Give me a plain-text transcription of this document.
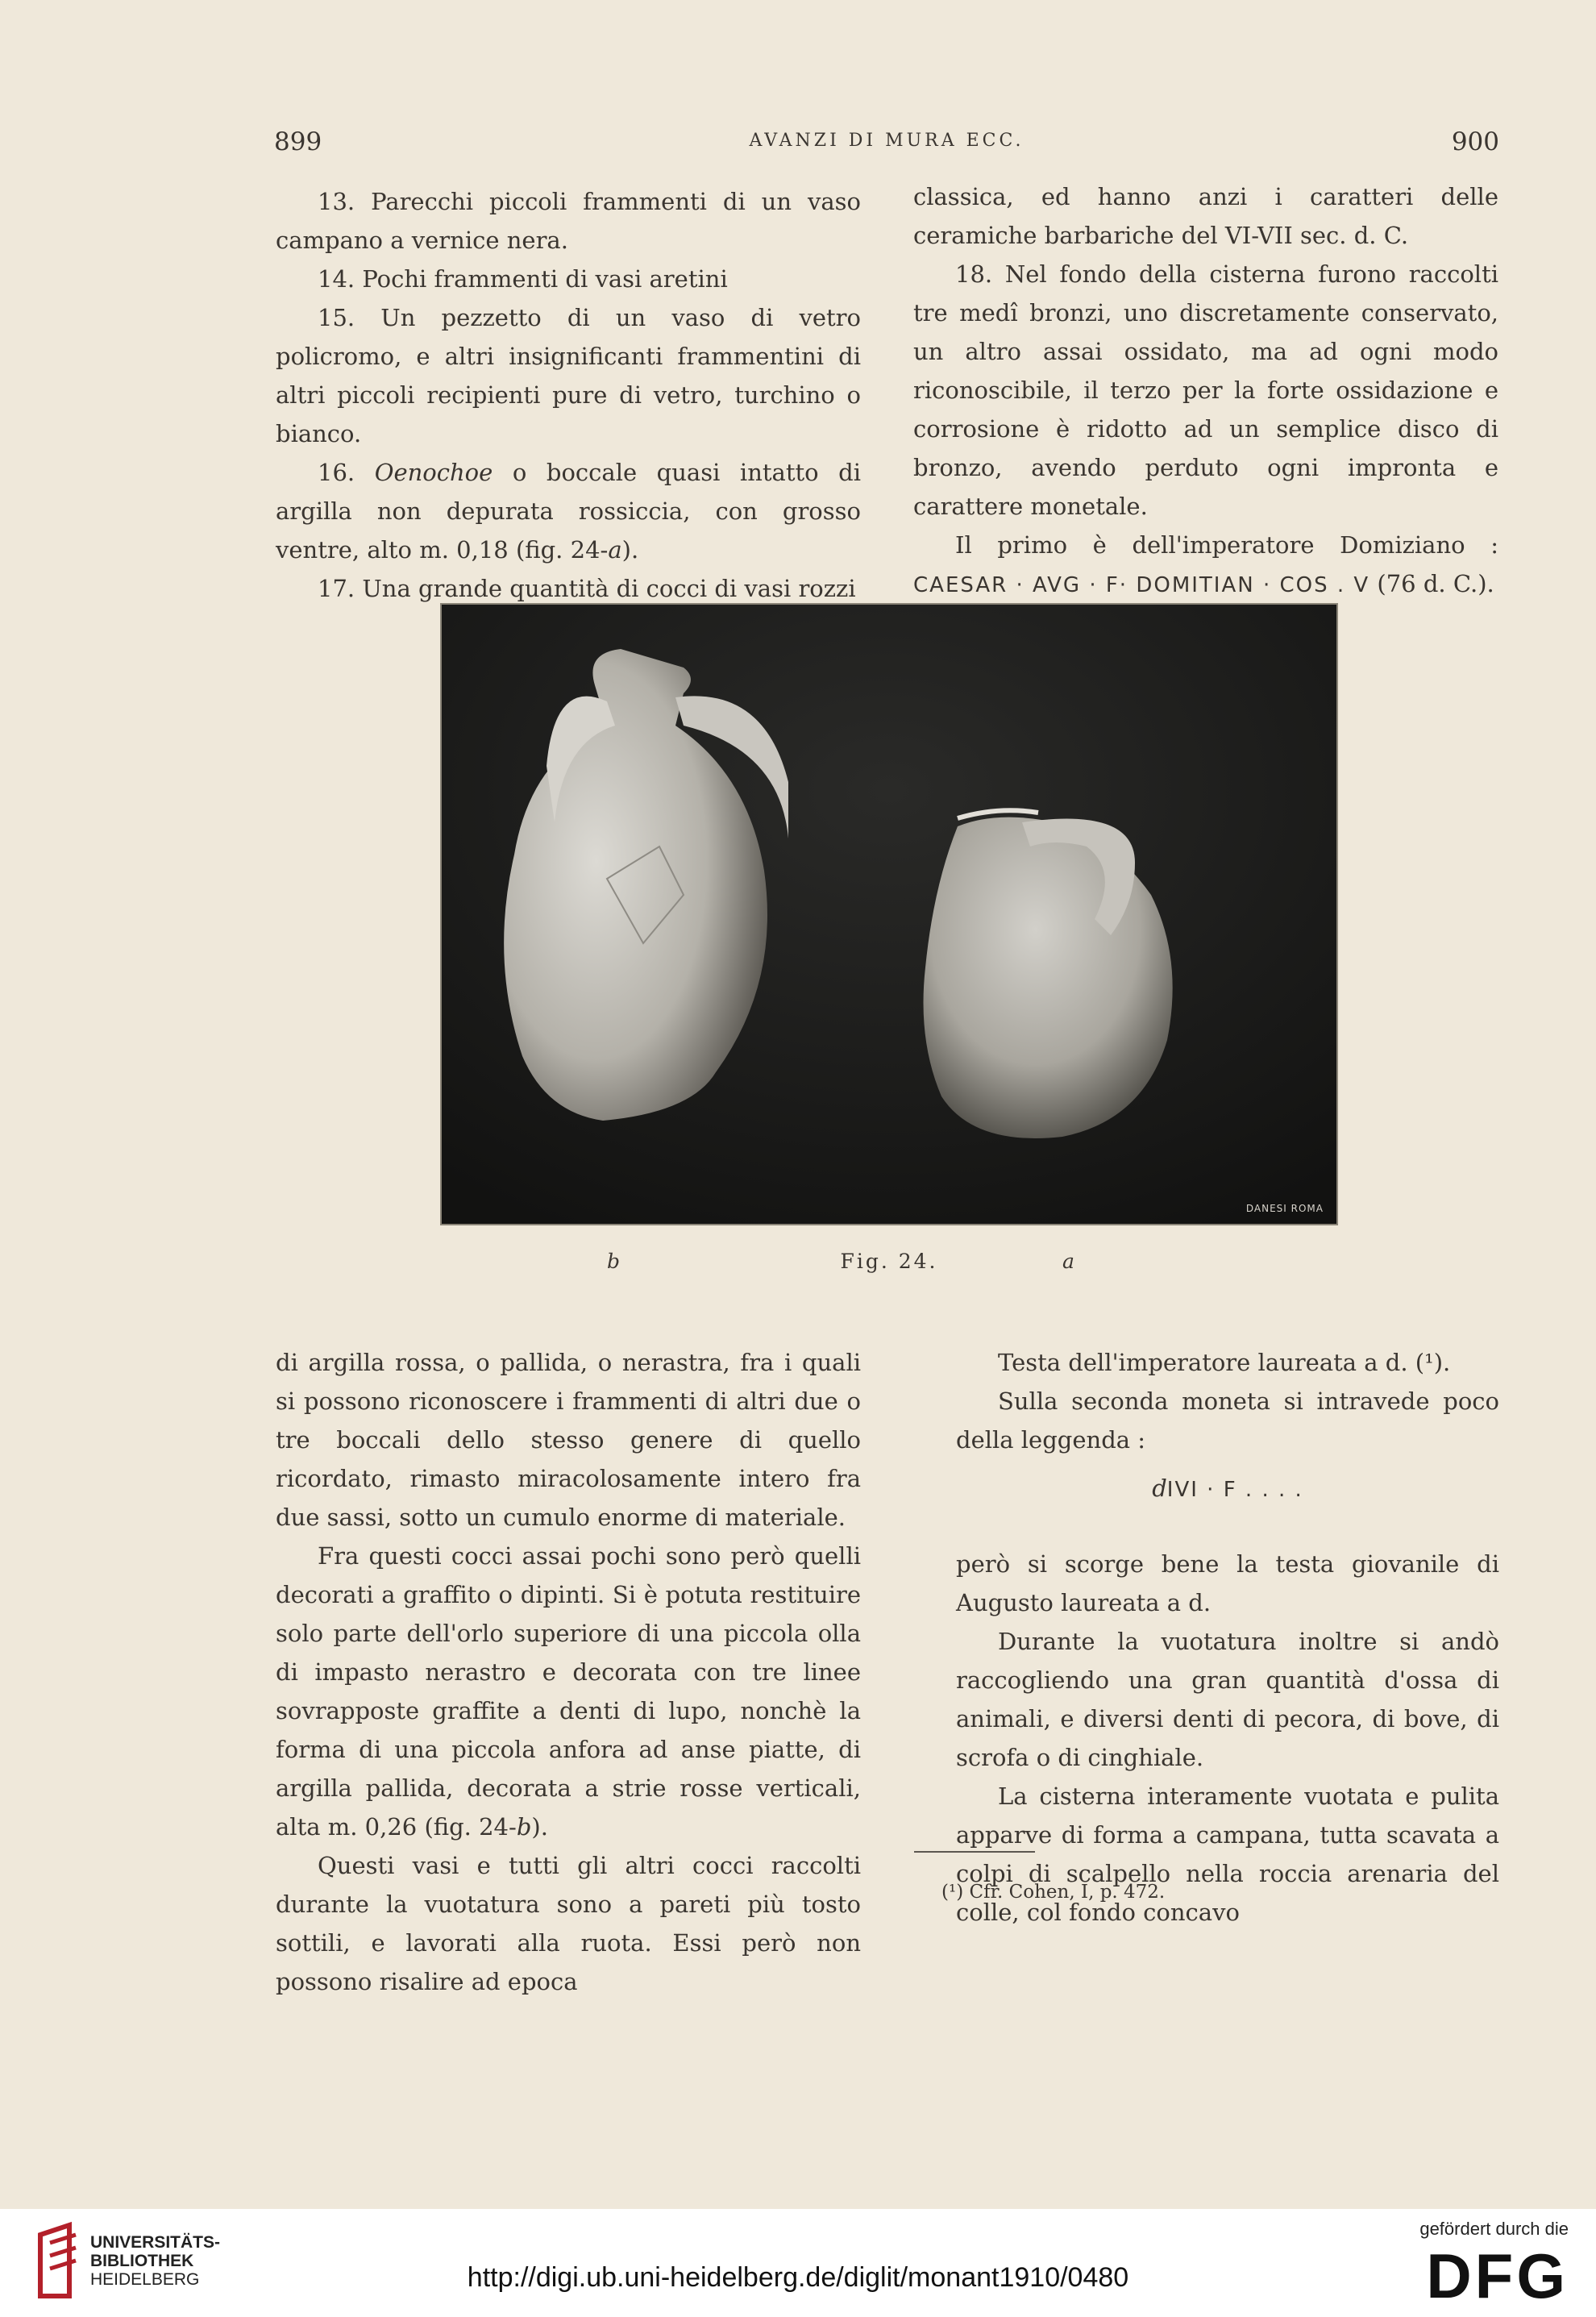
899	AVANZI DI MURA ECC.	900

13. Parecchi piccoli frammenti di un vaso campano a vernice nera.

14. Pochi frammenti di vasi aretini

15. Un pezzetto di un vaso di vetro policromo, e altri insignificanti frammentini di altri piccoli recipienti pure di vetro, turchino o bianco.

16. Oenochoe o boccale quasi intatto di argilla non depurata rossiccia, con grosso ventre, alto m. 0,18 (fig. 24-a).

17. Una grande quantità di cocci di vasi rozzi

classica, ed hanno anzi i caratteri delle ceramiche barbariche del VI-VII sec. d. C.

18. Nel fondo della cisterna furono raccolti tre medî bronzi, uno discretamente conservato, un altro assai ossidato, ma ad ogni modo riconoscibile, il terzo per la forte ossidazione e corrosione è ridotto ad un semplice disco di bronzo, avendo perduto ogni impronta e carattere monetale.

Il primo è dell'imperatore Domiziano : CAESAR · AVG · F· DOMITIAN · COS . V (76 d. C.).

DANESI ROMA
b	Fig. 24.	a

di argilla rossa, o pallida, o nerastra, fra i quali si possono riconoscere i frammenti di altri due o tre boccali dello stesso genere di quello ricordato, rimasto miracolosamente intero fra due sassi, sotto un cumulo enorme di materiale.

Fra questi cocci assai pochi sono però quelli decorati a graffito o dipinti. Si è potuta restituire solo parte dell'orlo superiore di una piccola olla di impasto nerastro e decorata con tre linee sovrapposte graffite a denti di lupo, nonchè la forma di una piccola anfora ad anse piatte, di argilla pallida, decorata a strie rosse verticali, alta m. 0,26 (fig. 24-b).

Questi vasi e tutti gli altri cocci raccolti durante la vuotatura sono a pareti più tosto sottili, e lavorati alla ruota. Essi però non possono risalire ad epoca

Testa dell'imperatore laureata a d. (¹).

Sulla seconda moneta si intravede poco della leggenda :

dIVI · F . . . .

però si scorge bene la testa giovanile di Augusto laureata a d.

Durante la vuotatura inoltre si andò raccogliendo una gran quantità d'ossa di animali, e diversi denti di pecora, di bove, di scrofa o di cinghiale.

La cisterna interamente vuotata e pulita apparve di forma a campana, tutta scavata a colpi di scalpello nella roccia arenaria del colle, col fondo concavo

(¹) Cfr. Cohen, I, p. 472.
UNIVERSITÄTS-
BIBLIOTHEK
HEIDELBERG	http://digi.ub.uni-heidelberg.de/diglit/monant1910/0480
gefördert durch die
DFG
